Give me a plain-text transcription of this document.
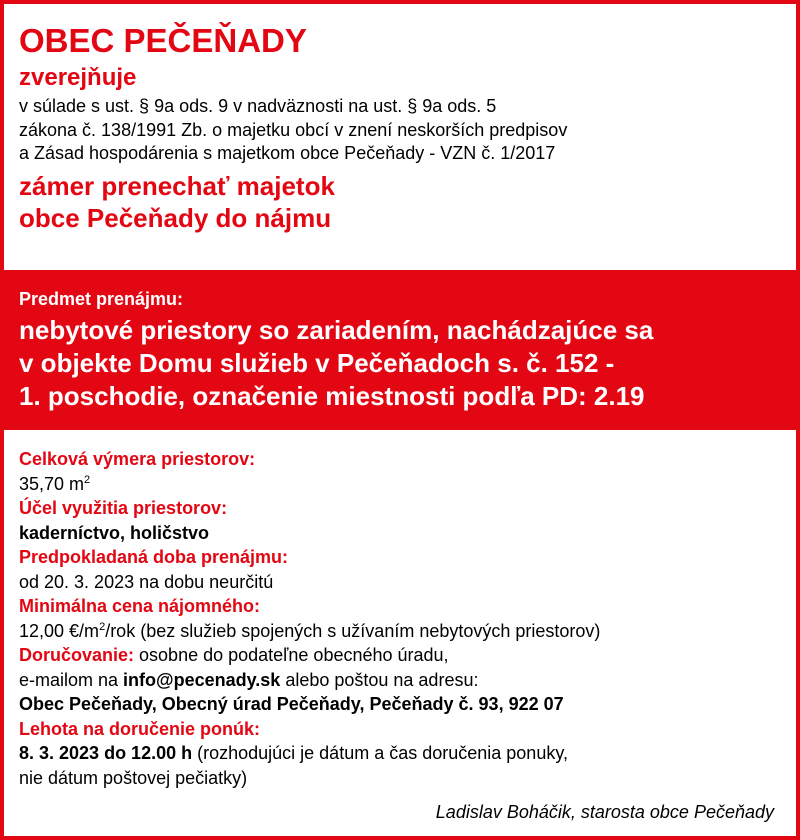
OBEC PEČEŇADY
zverejňuje
v súlade s ust. § 9a ods. 9 v nadväznosti na ust. § 9a ods. 5
zákona č. 138/1991 Zb. o majetku obcí v znení neskorších predpisov
a Zásad hospodárenia s majetkom obce Pečeňady - VZN č. 1/2017
zámer prenechať majetok
obce Pečeňady do nájmu
Predmet prenájmu:
nebytové priestory so zariadením, nachádzajúce sa
v objekte Domu služieb v Pečeňadoch s. č. 152 -
1. poschodie, označenie miestnosti podľa PD: 2.19
Celková výmera priestorov:
35,70 $m^2$
Účel využitia priestorov:
kaderníctvo, holičstvo
Predpokladaná doba prenájmu:
od 20. 3. 2023 na dobu neurčitú
Minimálna cena nájomného:
12,00 $€/m^2$/rok (bez služieb spojených s užívaním nebytových priestorov)
Doručovanie: osobne do podateľne obecného úradu,
e-mailom na info@pecenady.sk alebo poštou na adresu:
Obec Pečeňady, Obecný úrad Pečeňady, Pečeňady č. 93, 922 07
Lehota na doručenie ponúk:
8. 3. 2023 do 12.00 h (rozhodujúci je dátum a čas doručenia ponuky,
nie dátum poštovej pečiatky)
Ladislav Boháčik, starosta obce Pečeňady
